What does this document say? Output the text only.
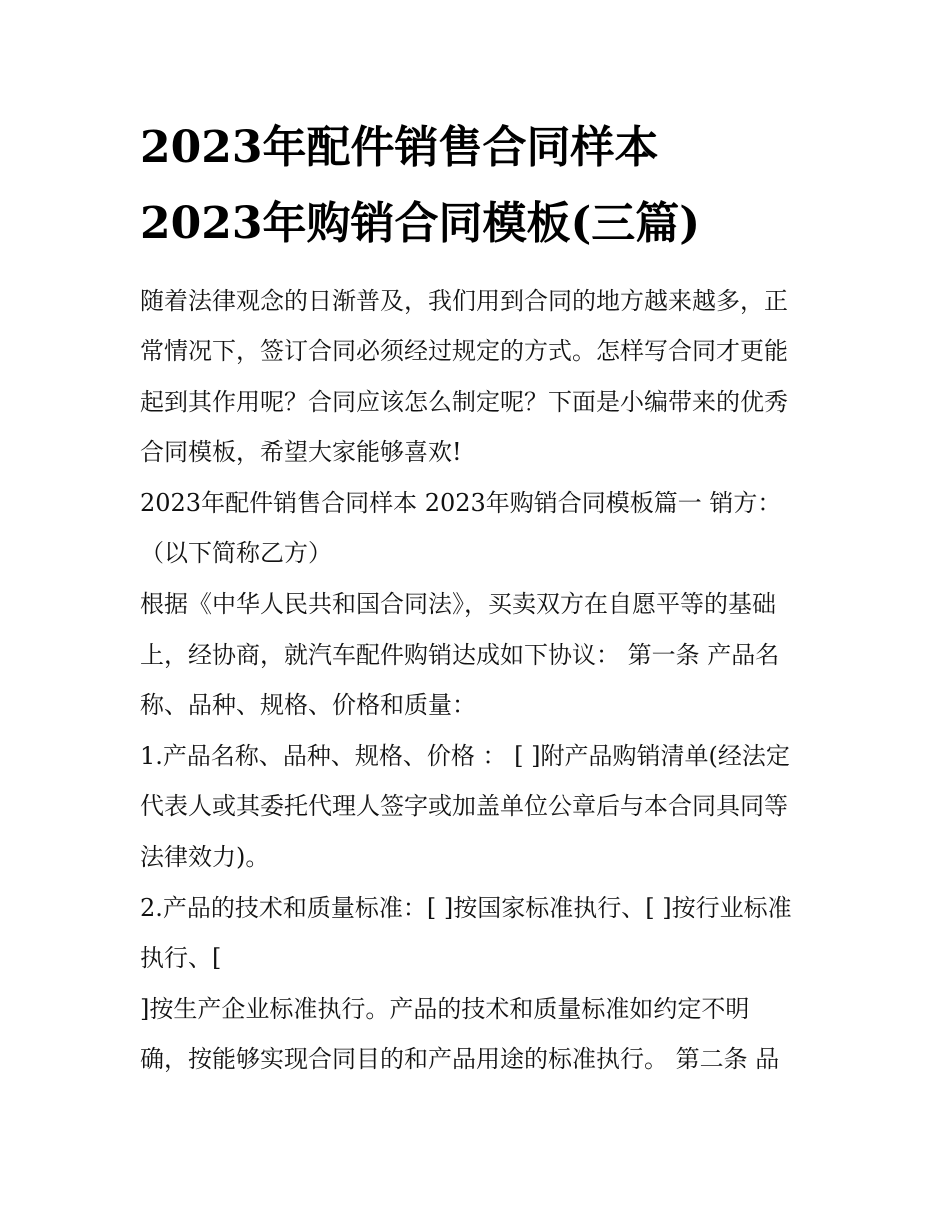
2023年配件销售合同样本
2023年购销合同模板(三篇)

随着法律观念的日渐普及，我们用到合同的地方越来越多，正

常情况下，签订合同必须经过规定的方式。怎样写合同才更能

起到其作用呢？合同应该怎么制定呢？下面是小编带来的优秀

合同模板，希望大家能够喜欢!

2023年配件销售合同样本 2023年购销合同模板篇一 销方：

（以下简称乙方）

根据《中华人民共和国合同法》，买卖双方在自愿平等的基础

上，经协商，就汽车配件购销达成如下协议： 第一条 产品名

称、品种、规格、价格和质量：

1.产品名称、品种、规格、价格 ： [ ]附产品购销清单(经法定

代表人或其委托代理人签字或加盖单位公章后与本合同具同等

法律效力)。

2.产品的技术和质量标准：[ ]按国家标准执行、[ ]按行业标准

执行、[

]按生产企业标准执行。产品的技术和质量标准如约定不明

确，按能够实现合同目的和产品用途的标准执行。 第二条 品
